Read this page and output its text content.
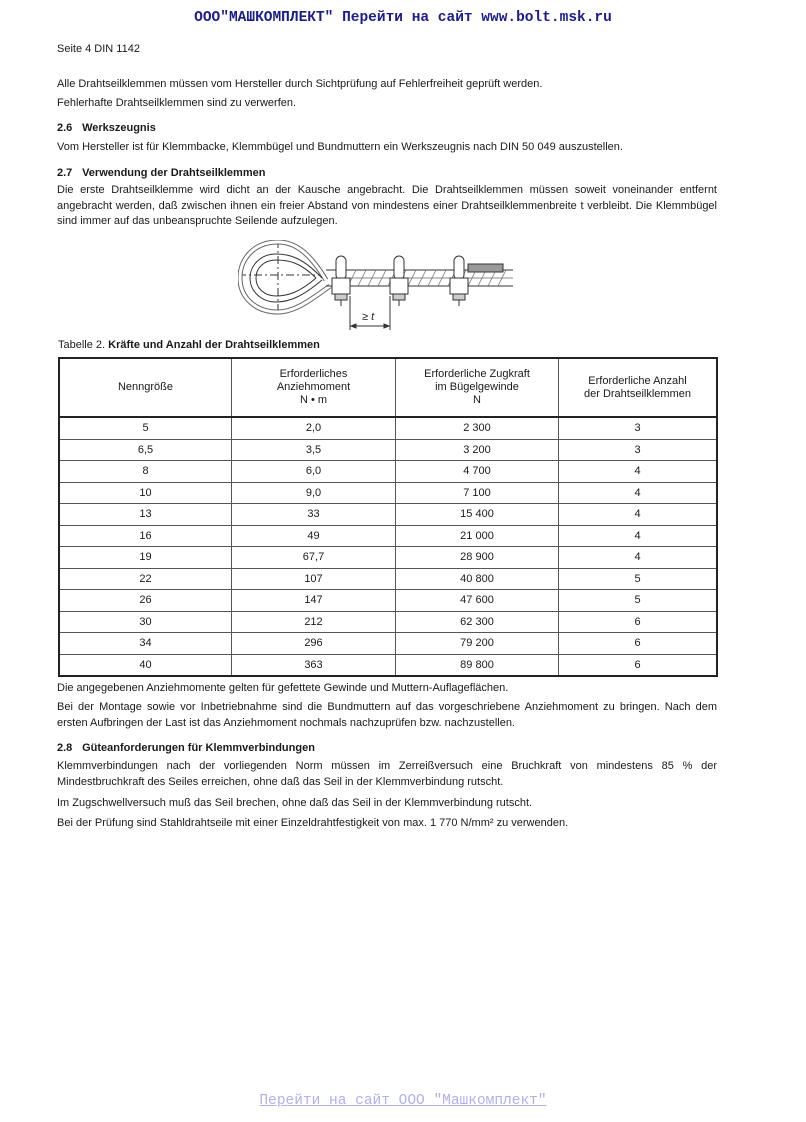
ООО"МАШКОМПЛЕКТ" Перейти на сайт www.bolt.msk.ru
Seite 4 DIN 1142
Alle Drahtseilklemmen müssen vom Hersteller durch Sichtprüfung auf Fehlerfreiheit geprüft werden.
Fehlerhafte Drahtseilklemmen sind zu verwerfen.
2.6 Werkszeugnis
Vom Hersteller ist für Klemmbacke, Klemmbügel und Bundmuttern ein Werkszeugnis nach DIN 50 049 auszustellen.
2.7 Verwendung der Drahtseilklemmen
Die erste Drahtseilklemme wird dicht an der Kausche angebracht. Die Drahtseilklemmen müssen soweit voneinander entfernt angebracht werden, daß zwischen ihnen ein freier Abstand von mindestens einer Drahtseilklemmenbreite t verbleibt. Die Klemmbügel sind immer auf das unbeanspruchte Seilende aufzulegen.
≥ t
Tabelle 2. Kräfte und Anzahl der Drahtseilklemmen
Nenngröße

Erforderliches
Anziehmoment
N • m

Erforderliche Zugkraft
im Bügelgewinde
N

Erforderliche Anzahl
der Drahtseilklemmen

5	2,0	2 300	3
6,5	3,5	3 200	3
8	6,0	4 700	4
10	9,0	7 100	4
13	33	15 400	4
16	49	21 000	4
19	67,7	28 900	4
22	107	40 800	5
26	147	47 600	5
30	212	62 300	6
34	296	79 200	6
40	363	89 800	6
Die angegebenen Anziehmomente gelten für gefettete Gewinde und Muttern-Auflageflächen.
Bei der Montage sowie vor Inbetriebnahme sind die Bundmuttern auf das vorgeschriebene Anziehmoment zu bringen. Nach dem ersten Aufbringen der Last ist das Anziehmoment nochmals nachzuprüfen bzw. nachzustellen.
2.8 Güteanforderungen für Klemmverbindungen
Klemmverbindungen nach der vorliegenden Norm müssen im Zerreißversuch eine Bruchkraft von mindestens 85 % der Mindestbruchkraft des Seiles erreichen, ohne daß das Seil in der Klemmverbindung rutscht.
Im Zugschwellversuch muß das Seil brechen, ohne daß das Seil in der Klemmverbindung rutscht.
Bei der Prüfung sind Stahldrahtseile mit einer Einzeldrahtfestigkeit von max. 1 770 N/mm² zu verwenden.
Перейти на сайт ООО "Машкомплект"
